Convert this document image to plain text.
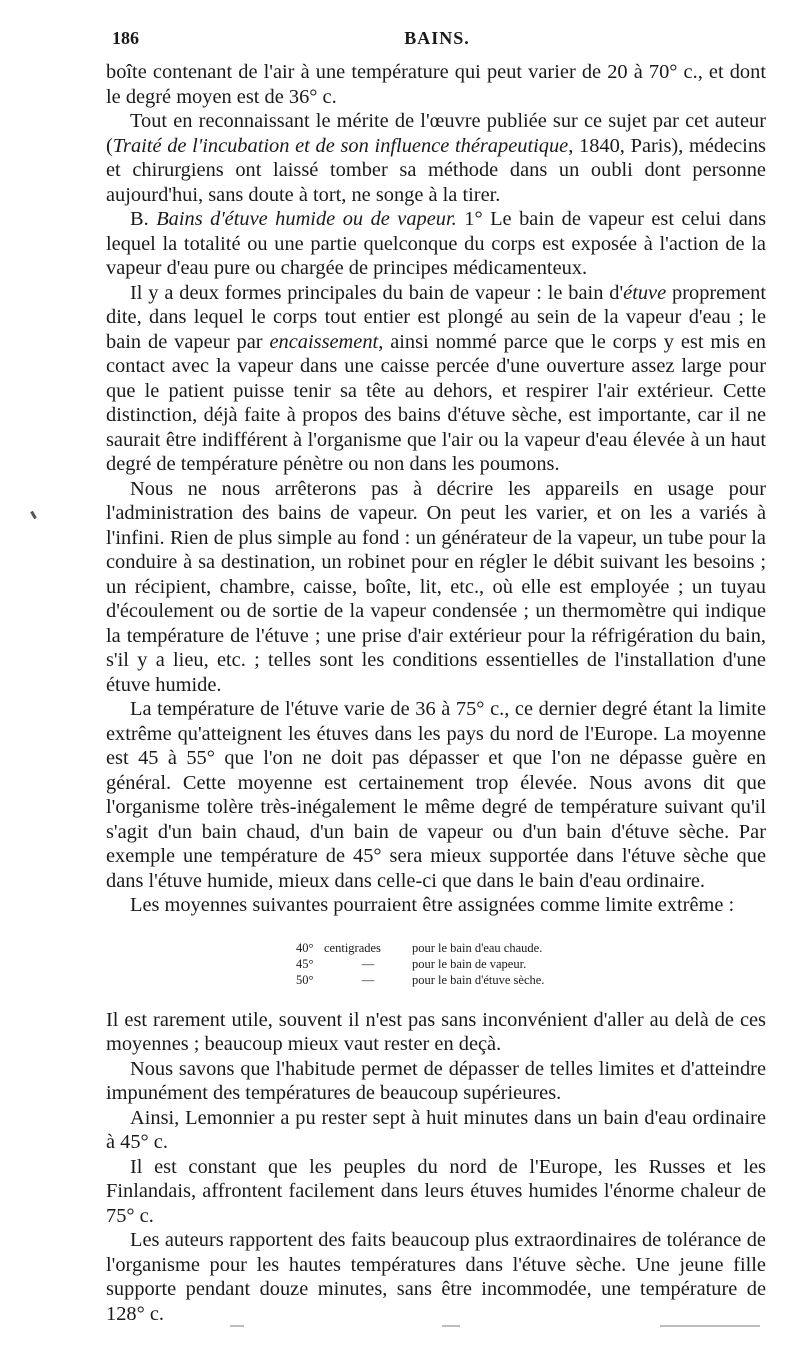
186	BAINS.

boîte contenant de l'air à une température qui peut varier de 20 à 70° c., et dont le degré moyen est de 36° c.

Tout en reconnaissant le mérite de l'œuvre publiée sur ce sujet par cet auteur (Traité de l'incubation et de son influence thérapeutique, 1840, Paris), médecins et chirurgiens ont laissé tomber sa méthode dans un oubli dont personne aujourd'hui, sans doute à tort, ne songe à la tirer.

B. Bains d'étuve humide ou de vapeur. 1° Le bain de vapeur est celui dans lequel la totalité ou une partie quelconque du corps est exposée à l'action de la vapeur d'eau pure ou chargée de principes médicamenteux.

Il y a deux formes principales du bain de vapeur : le bain d'étuve proprement dite, dans lequel le corps tout entier est plongé au sein de la vapeur d'eau ; le bain de vapeur par encaissement, ainsi nommé parce que le corps y est mis en contact avec la vapeur dans une caisse percée d'une ouverture assez large pour que le patient puisse tenir sa tête au dehors, et respirer l'air extérieur. Cette distinction, déjà faite à propos des bains d'étuve sèche, est importante, car il ne saurait être indifférent à l'organisme que l'air ou la vapeur d'eau élevée à un haut degré de température pénètre ou non dans les poumons.

Nous ne nous arrêterons pas à décrire les appareils en usage pour l'administration des bains de vapeur. On peut les varier, et on les a variés à l'infini. Rien de plus simple au fond : un générateur de la vapeur, un tube pour la conduire à sa destination, un robinet pour en régler le débit suivant les besoins ; un récipient, chambre, caisse, boîte, lit, etc., où elle est employée ; un tuyau d'écoulement ou de sortie de la vapeur condensée ; un thermomètre qui indique la température de l'étuve ; une prise d'air extérieur pour la réfrigération du bain, s'il y a lieu, etc. ; telles sont les conditions essentielles de l'installation d'une étuve humide.

La température de l'étuve varie de 36 à 75° c., ce dernier degré étant la limite extrême qu'atteignent les étuves dans les pays du nord de l'Europe. La moyenne est 45 à 55° que l'on ne doit pas dépasser et que l'on ne dépasse guère en général. Cette moyenne est certainement trop élevée. Nous avons dit que l'organisme tolère très-inégalement le même degré de température suivant qu'il s'agit d'un bain chaud, d'un bain de vapeur ou d'un bain d'étuve sèche. Par exemple une température de 45° sera mieux supportée dans l'étuve sèche que dans l'étuve humide, mieux dans celle-ci que dans le bain d'eau ordinaire.

Les moyennes suivantes pourraient être assignées comme limite extrême :

40°	centigrades	pour le bain d'eau chaude.
45°	—	pour le bain de vapeur.
50°	—	pour le bain d'étuve sèche.

Il est rarement utile, souvent il n'est pas sans inconvénient d'aller au delà de ces moyennes ; beaucoup mieux vaut rester en deçà.

Nous savons que l'habitude permet de dépasser de telles limites et d'atteindre impunément des températures de beaucoup supérieures.

Ainsi, Lemonnier a pu rester sept à huit minutes dans un bain d'eau ordinaire à 45° c.

Il est constant que les peuples du nord de l'Europe, les Russes et les Finlandais, affrontent facilement dans leurs étuves humides l'énorme chaleur de 75° c.

Les auteurs rapportent des faits beaucoup plus extraordinaires de tolérance de l'organisme pour les hautes températures dans l'étuve sèche. Une jeune fille supporte pendant douze minutes, sans être incommodée, une température de 128° c.
